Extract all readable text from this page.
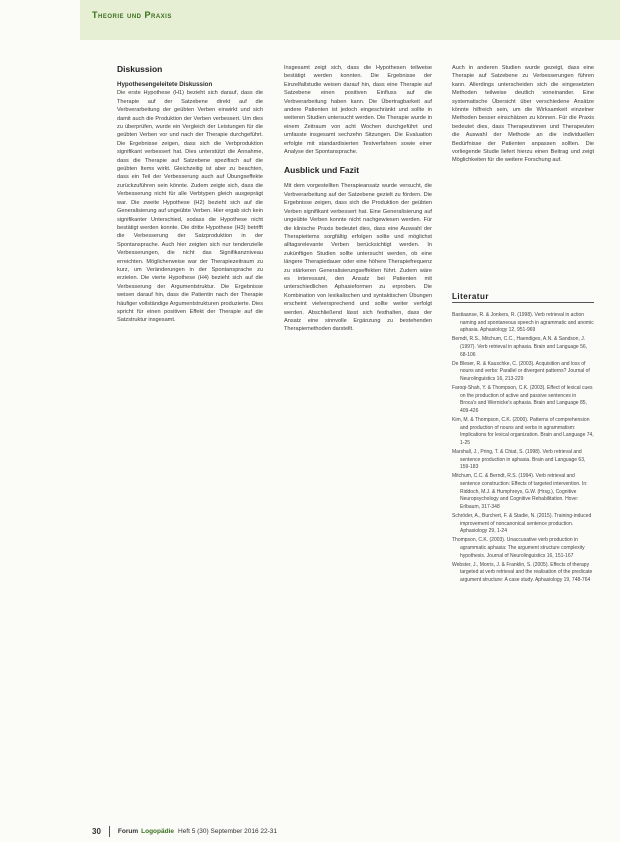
Theorie und Praxis
Diskussion
Hypothesengeleitete Diskussion

Die erste Hypothese (H1) bezieht sich darauf, dass die Therapie auf der Satzebene direkt auf die Verbverarbeitung der geübten Verben einwirkt und sich damit auch die Produktion der Verben verbessert. Um dies zu überprüfen, wurde ein Vergleich der Leistungen für die geübten Verben vor und nach der Therapie durchgeführt. Die Ergebnisse zeigen, dass sich die Verbproduktion signifikant verbessert hat. Dies unterstützt die Annahme, dass die Therapie auf Satzebene spezifisch auf die geübten Items wirkt. Gleichzeitig ist aber zu beachten, dass ein Teil der Verbesserung auch auf Übungseffekte zurückzuführen sein könnte. Zudem zeigte sich, dass die Verbesserung nicht für alle Verbtypen gleich ausgeprägt war. Die zweite Hypothese (H2) bezieht sich auf die Generalisierung auf ungeübte Verben. Hier ergab sich kein signifikanter Unterschied, sodass die Hypothese nicht bestätigt werden konnte. Die dritte Hypothese (H3) betrifft die Verbesserung der Satzproduktion in der Spontansprache. Auch hier zeigten sich nur tendenzielle Verbesserungen, die nicht das Signifikanzniveau erreichten. Möglicherweise war der Therapiezeitraum zu kurz, um Veränderungen in der Spontansprache zu erzielen. Die vierte Hypothese (H4) bezieht sich auf die Verbesserung der Argumentstruktur. Die Ergebnisse weisen darauf hin, dass die Patientin nach der Therapie häufiger vollständige Argumentstrukturen produzierte. Dies spricht für einen positiven Effekt der Therapie auf die Satzstruktur insgesamt.

Insgesamt zeigt sich, dass die Hypothesen teilweise bestätigt werden konnten. Die Ergebnisse der Einzelfallstudie weisen darauf hin, dass eine Therapie auf Satzebene einen positiven Einfluss auf die Verbverarbeitung haben kann. Die Übertragbarkeit auf andere Patienten ist jedoch eingeschränkt und sollte in weiteren Studien untersucht werden. Die Therapie wurde in einem Zeitraum von acht Wochen durchgeführt und umfasste insgesamt sechzehn Sitzungen. Die Evaluation erfolgte mit standardisierten Testverfahren sowie einer Analyse der Spontansprache.

Ausblick und Fazit

Mit dem vorgestellten Therapieansatz wurde versucht, die Verbverarbeitung auf der Satzebene gezielt zu fördern. Die Ergebnisse zeigen, dass sich die Produktion der geübten Verben signifikant verbessert hat. Eine Generalisierung auf ungeübte Verben konnte nicht nachgewiesen werden. Für die klinische Praxis bedeutet dies, dass eine Auswahl der Therapieitems sorgfältig erfolgen sollte und möglichst alltagsrelevante Verben berücksichtigt werden. In zukünftigen Studien sollte untersucht werden, ob eine längere Therapiedauer oder eine höhere Therapiefrequenz zu stärkeren Generalisierungseffekten führt. Zudem wäre es interessant, den Ansatz bei Patienten mit unterschiedlichen Aphasieformen zu erproben. Die Kombination von lexikalischen und syntaktischen Übungen erscheint vielversprechend und sollte weiter verfolgt werden. Abschließend lässt sich festhalten, dass der Ansatz eine sinnvolle Ergänzung zu bestehenden Therapiemethoden darstellt.

Auch in anderen Studien wurde gezeigt, dass eine Therapie auf Satzebene zu Verbesserungen führen kann. Allerdings unterscheiden sich die eingesetzten Methoden teilweise deutlich voneinander. Eine systematische Übersicht über verschiedene Ansätze könnte hilfreich sein, um die Wirksamkeit einzelner Methoden besser einschätzen zu können. Für die Praxis bedeutet dies, dass Therapeutinnen und Therapeuten die Auswahl der Methode an die individuellen Bedürfnisse der Patienten anpassen sollten. Die vorliegende Studie liefert hierzu einen Beitrag und zeigt Möglichkeiten für die weitere Forschung auf.

Literatur
Bastiaanse, R. & Jonkers, R. (1998). Verb retrieval in action naming and spontaneous speech in agrammatic and anomic aphasia. Aphasiology 12, 951-969
Berndt, R.S., Mitchum, C.C., Haendiges, A.N. & Sandson, J. (1997). Verb retrieval in aphasia. Brain and Language 56, 68-106
De Bleser, R. & Kauschke, C. (2003). Acquisition and loss of nouns and verbs: Parallel or divergent patterns? Journal of Neurolinguistics 16, 213-229
Faroqi-Shah, Y. & Thompson, C.K. (2003). Effect of lexical cues on the production of active and passive sentences in Broca's and Wernicke's aphasia. Brain and Language 85, 409-426
Kim, M. & Thompson, C.K. (2000). Patterns of comprehension and production of nouns and verbs in agrammatism: Implications for lexical organization. Brain and Language 74, 1-25
Marshall, J., Pring, T. & Chiat, S. (1998). Verb retrieval and sentence production in aphasia. Brain and Language 63, 159-183
Mitchum, C.C. & Berndt, R.S. (1994). Verb retrieval and sentence construction: Effects of targeted intervention. In: Riddoch, M.J. & Humphreys, G.W. (Hrsg.), Cognitive Neuropsychology and Cognitive Rehabilitation. Hove: Erlbaum, 317-348
Schröder, A., Burchert, F. & Stadie, N. (2015). Training-induced improvement of noncanonical sentence production. Aphasiology 29, 1-24
Thompson, C.K. (2003). Unaccusative verb production in agrammatic aphasia: The argument structure complexity hypothesis. Journal of Neurolinguistics 16, 151-167
Webster, J., Morris, J. & Franklin, S. (2005). Effects of therapy targeted at verb retrieval and the realisation of the predicate argument structure: A case study. Aphasiology 19, 748-764
30	Forum Logopädie Heft 5 (30) September 2016 22-31
